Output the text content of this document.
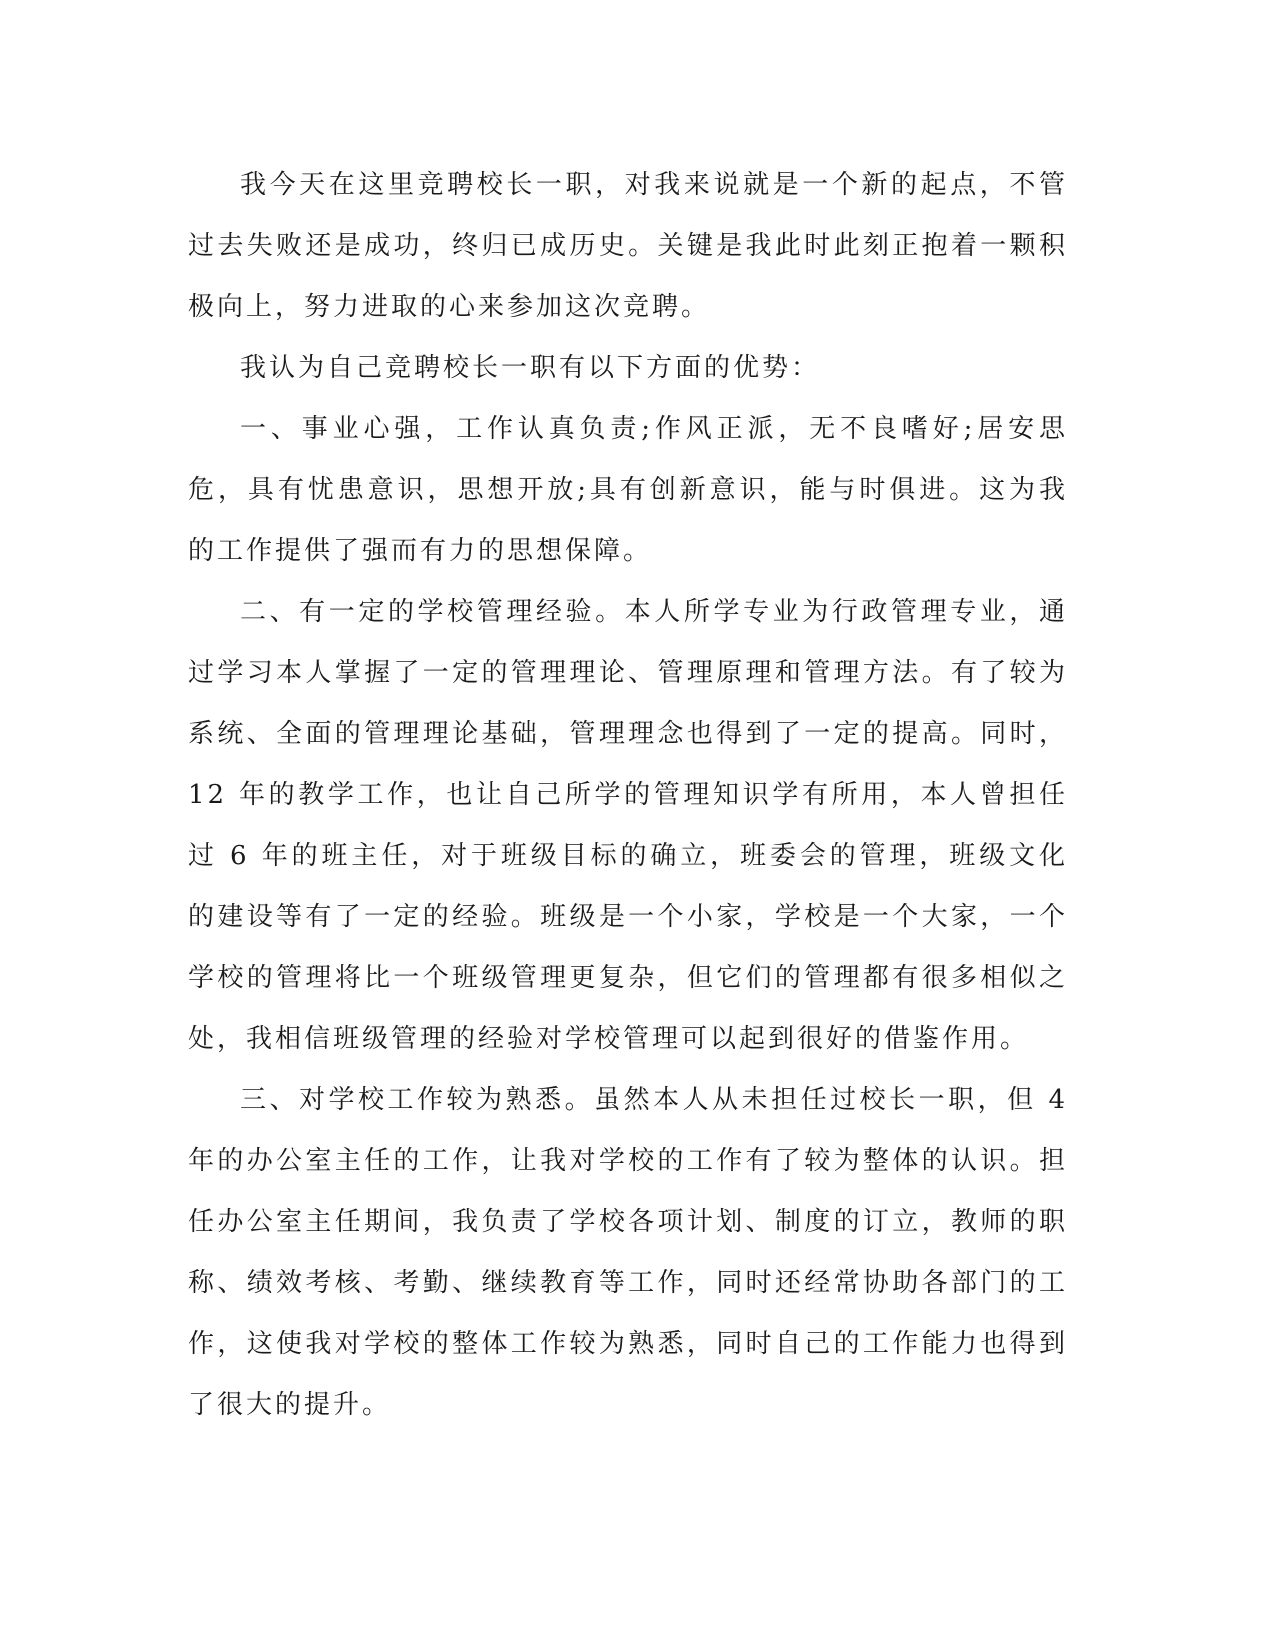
我今天在这里竞聘校长一职，对我来说就是一个新的起点，不管过去失败还是成功，终归已成历史。关键是我此时此刻正抱着一颗积极向上，努力进取的心来参加这次竞聘。

我认为自己竞聘校长一职有以下方面的优势：

一、事业心强，工作认真负责;作风正派，无不良嗜好;居安思危，具有忧患意识，思想开放;具有创新意识，能与时俱进。这为我的工作提供了强而有力的思想保障。

二、有一定的学校管理经验。本人所学专业为行政管理专业，通过学习本人掌握了一定的管理理论、管理原理和管理方法。有了较为系统、全面的管理理论基础，管理理念也得到了一定的提高。同时，12 年的教学工作，也让自己所学的管理知识学有所用，本人曾担任过 6 年的班主任，对于班级目标的确立，班委会的管理，班级文化的建设等有了一定的经验。班级是一个小家，学校是一个大家，一个学校的管理将比一个班级管理更复杂，但它们的管理都有很多相似之处，我相信班级管理的经验对学校管理可以起到很好的借鉴作用。

三、对学校工作较为熟悉。虽然本人从未担任过校长一职，但 4 年的办公室主任的工作，让我对学校的工作有了较为整体的认识。担任办公室主任期间，我负责了学校各项计划、制度的订立，教师的职称、绩效考核、考勤、继续教育等工作，同时还经常协助各部门的工作，这使我对学校的整体工作较为熟悉，同时自己的工作能力也得到了很大的提升。
